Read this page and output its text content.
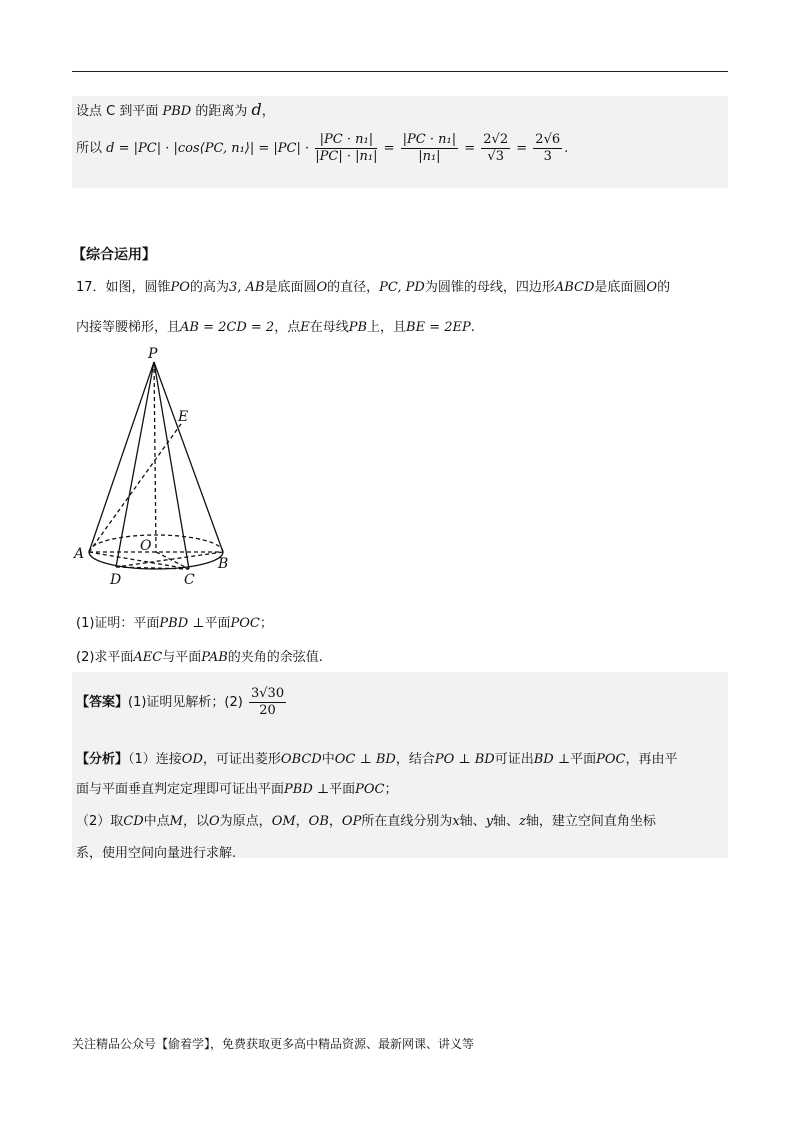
设点 C 到平面 PBD 的距离为 d，
所以 d = |PC| · |cos⟨PC, n₁⟩| = $|PC| \cdot \frac{\text{|PC · n₁|}}{\text{|PC| · |n₁|}} = \frac{\text{|PC · n₁|}}{\text{|n₁|}} = \frac{2√2}{√3} = \frac{2√6}{3}$ .
【综合运用】
17．如图，圆锥PO的高为3, AB是底面圆O的直径，PC, PD为圆锥的母线，四边形ABCD是底面圆O的
内接等腰梯形，且AB = 2CD = 2，点E在母线PB上，且BE = 2EP.
P
E
A	O
B
D	C
(1)证明：平面PBD ⊥平面POC；
(2)求平面AEC与平面PAB的夹角的余弦值.
【答案】(1)证明见解析；$(2) \frac{3√30}{20}$
【分析】（1）连接OD，可证出菱形OBCD中OC ⊥ BD，结合PO ⊥ BD可证出BD ⊥平面POC，再由平
面与平面垂直判定定理即可证出平面PBD ⊥平面POC；
（2）取CD中点M，以O为原点，OM，OB，OP所在直线分别为x轴、y轴、z轴，建立空间直角坐标
系，使用空间向量进行求解.
关注精品公众号【偷着学】，免费获取更多高中精品资源、最新网课、讲义等
